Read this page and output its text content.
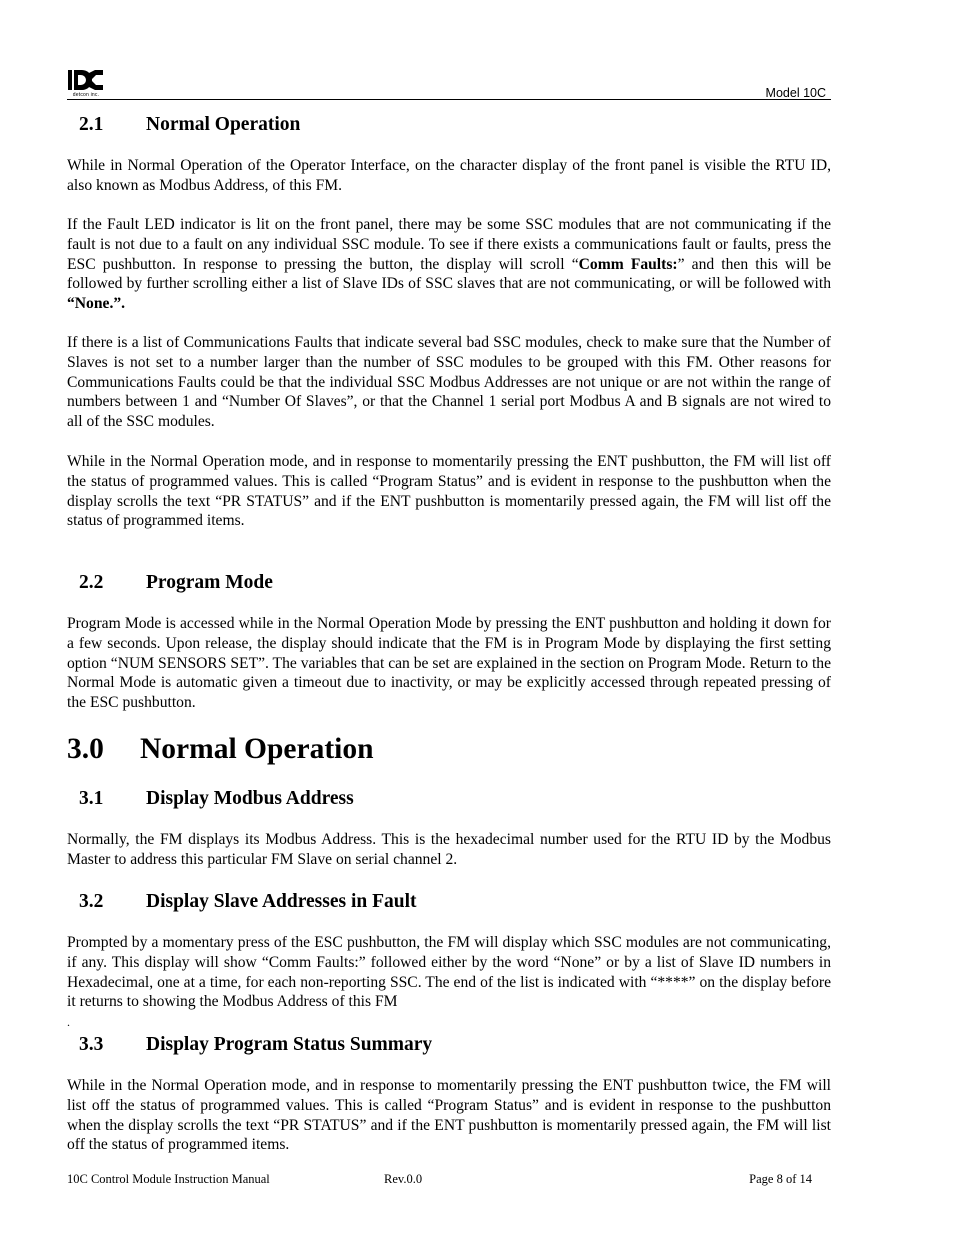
detcon inc.	Model 10C
2.1 Normal Operation

While in Normal Operation of the Operator Interface, on the character display of the front panel is visible the RTU ID, also known as Modbus Address, of this FM.

If the Fault LED indicator is lit on the front panel, there may be some SSC modules that are not communicating if the fault is not due to a fault on any individual SSC module. To see if there exists a communications fault or faults, press the ESC pushbutton. In response to pressing the button, the display will scroll “Comm Faults:” and then this will be followed by further scrolling either a list of Slave IDs of SSC slaves that are not communicating, or will be followed with “None.”.

If there is a list of Communications Faults that indicate several bad SSC modules, check to make sure that the Number of Slaves is not set to a number larger than the number of SSC modules to be grouped with this FM. Other reasons for Communications Faults could be that the individual SSC Modbus Addresses are not unique or are not within the range of numbers between 1 and “Number Of Slaves”, or that the Channel 1 serial port Modbus A and B signals are not wired to all of the SSC modules.

While in the Normal Operation mode, and in response to momentarily pressing the ENT pushbutton, the FM will list off the status of programmed values. This is called “Program Status” and is evident in response to the pushbutton when the display scrolls the text “PR STATUS” and if the ENT pushbutton is momentarily pressed again, the FM will list off the status of programmed items.

2.2 Program Mode

Program Mode is accessed while in the Normal Operation Mode by pressing the ENT pushbutton and holding it down for a few seconds. Upon release, the display should indicate that the FM is in Program Mode by displaying the first setting option “NUM SENSORS SET”. The variables that can be set are explained in the section on Program Mode. Return to the Normal Mode is automatic given a timeout due to inactivity, or may be explicitly accessed through repeated pressing of the ESC pushbutton.

3.0 Normal Operation
3.1 Display Modbus Address

Normally, the FM displays its Modbus Address. This is the hexadecimal number used for the RTU ID by the Modbus Master to address this particular FM Slave on serial channel 2.

3.2 Display Slave Addresses in Fault

Prompted by a momentary press of the ESC pushbutton, the FM will display which SSC modules are not communicating, if any. This display will show “Comm Faults:” followed either by the word “None” or by a list of Slave ID numbers in Hexadecimal, one at a time, for each non-reporting SSC. The end of the list is indicated with “****” on the display before it returns to showing the Modbus Address of this FM

.
3.3 Display Program Status Summary

While in the Normal Operation mode, and in response to momentarily pressing the ENT pushbutton twice, the FM will list off the status of programmed values. This is called “Program Status” and is evident in response to the pushbutton when the display scrolls the text “PR STATUS” and if the ENT pushbutton is momentarily pressed again, the FM will list off the status of programmed items.

10C Control Module Instruction Manual	Rev.0.0	Page 8 of 14
